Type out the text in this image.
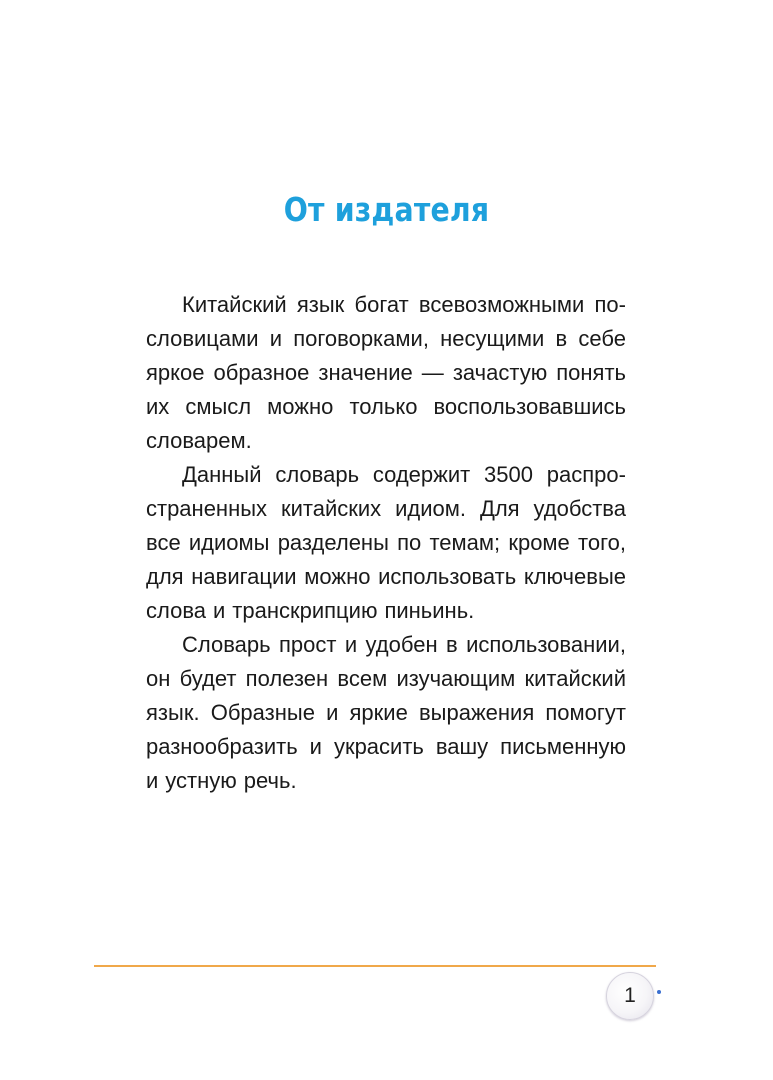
От издателя
Китайский язык богат всевозможными по-
словицами и поговорками, несущими в себе
яркое образное значение — зачастую понять
их смысл можно только воспользовавшись
словарем.
Данный словарь содержит 3500 распро-
страненных китайских идиом. Для удобства
все идиомы разделены по темам; кроме того,
для навигации можно использовать ключевые
слова и транскрипцию пиньинь.
Словарь прост и удобен в использовании,
он будет полезен всем изучающим китайский
язык. Образные и яркие выражения помогут
разнообразить и украсить вашу письменную
и устную речь.
1
